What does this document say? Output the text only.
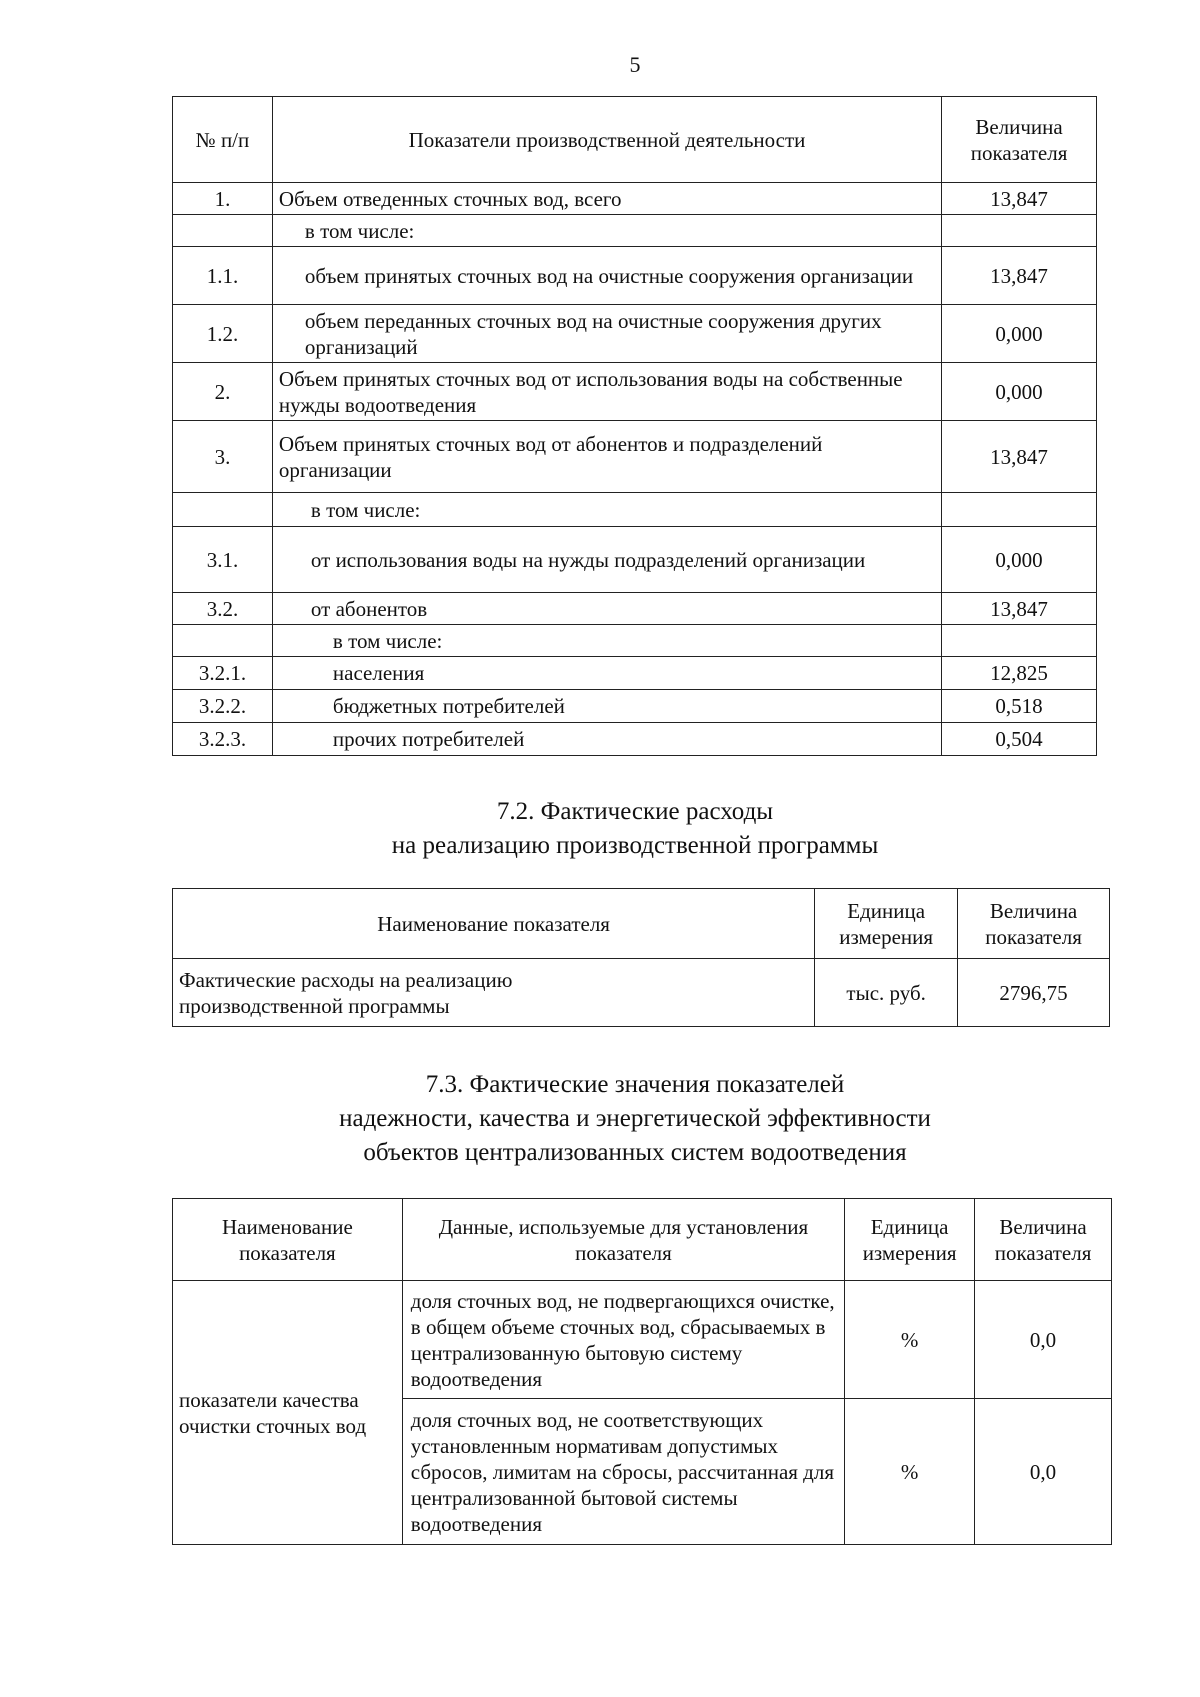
5
№ п/п	Показатели производственной деятельности	Величина показателя
1.	Объем отведенных сточных вод, всего	13,847
	в том числе:	
1.1.	объем принятых сточных вод на очистные сооружения организации	13,847
1.2.	объем переданных сточных вод на очистные сооружения других организаций	0,000
2.	Объем принятых сточных вод от использования воды на собственные нужды водоотведения	0,000
3.	Объем принятых сточных вод от абонентов и подразделений организации	13,847
	в том числе:	
3.1.	от использования воды на нужды подразделений организации	0,000
3.2.	от абонентов	13,847
	в том числе:	
3.2.1.	населения	12,825
3.2.2.	бюджетных потребителей	0,518
3.2.3.	прочих потребителей	0,504
7.2. Фактические расходы
на реализацию производственной программы
Наименование показателя	Единица измерения	Величина показателя
Фактические расходы на реализацию производственной программы	тыс. руб.	2796,75
7.3. Фактические значения показателей
надежности, качества и энергетической эффективности
объектов централизованных систем водоотведения
Наименование показателя	Данные, используемые для установления показателя	Единица измерения	Величина показателя
показатели качества очистки сточных вод	доля сточных вод, не подвергающихся очистке, в общем объеме сточных вод, сбрасываемых в централизованную бытовую систему водоотведения	%	0,0
	доля сточных вод, не соответствующих установленным нормативам допустимых сбросов, лимитам на сбросы, рассчитанная для централизованной бытовой системы водоотведения	%	0,0
